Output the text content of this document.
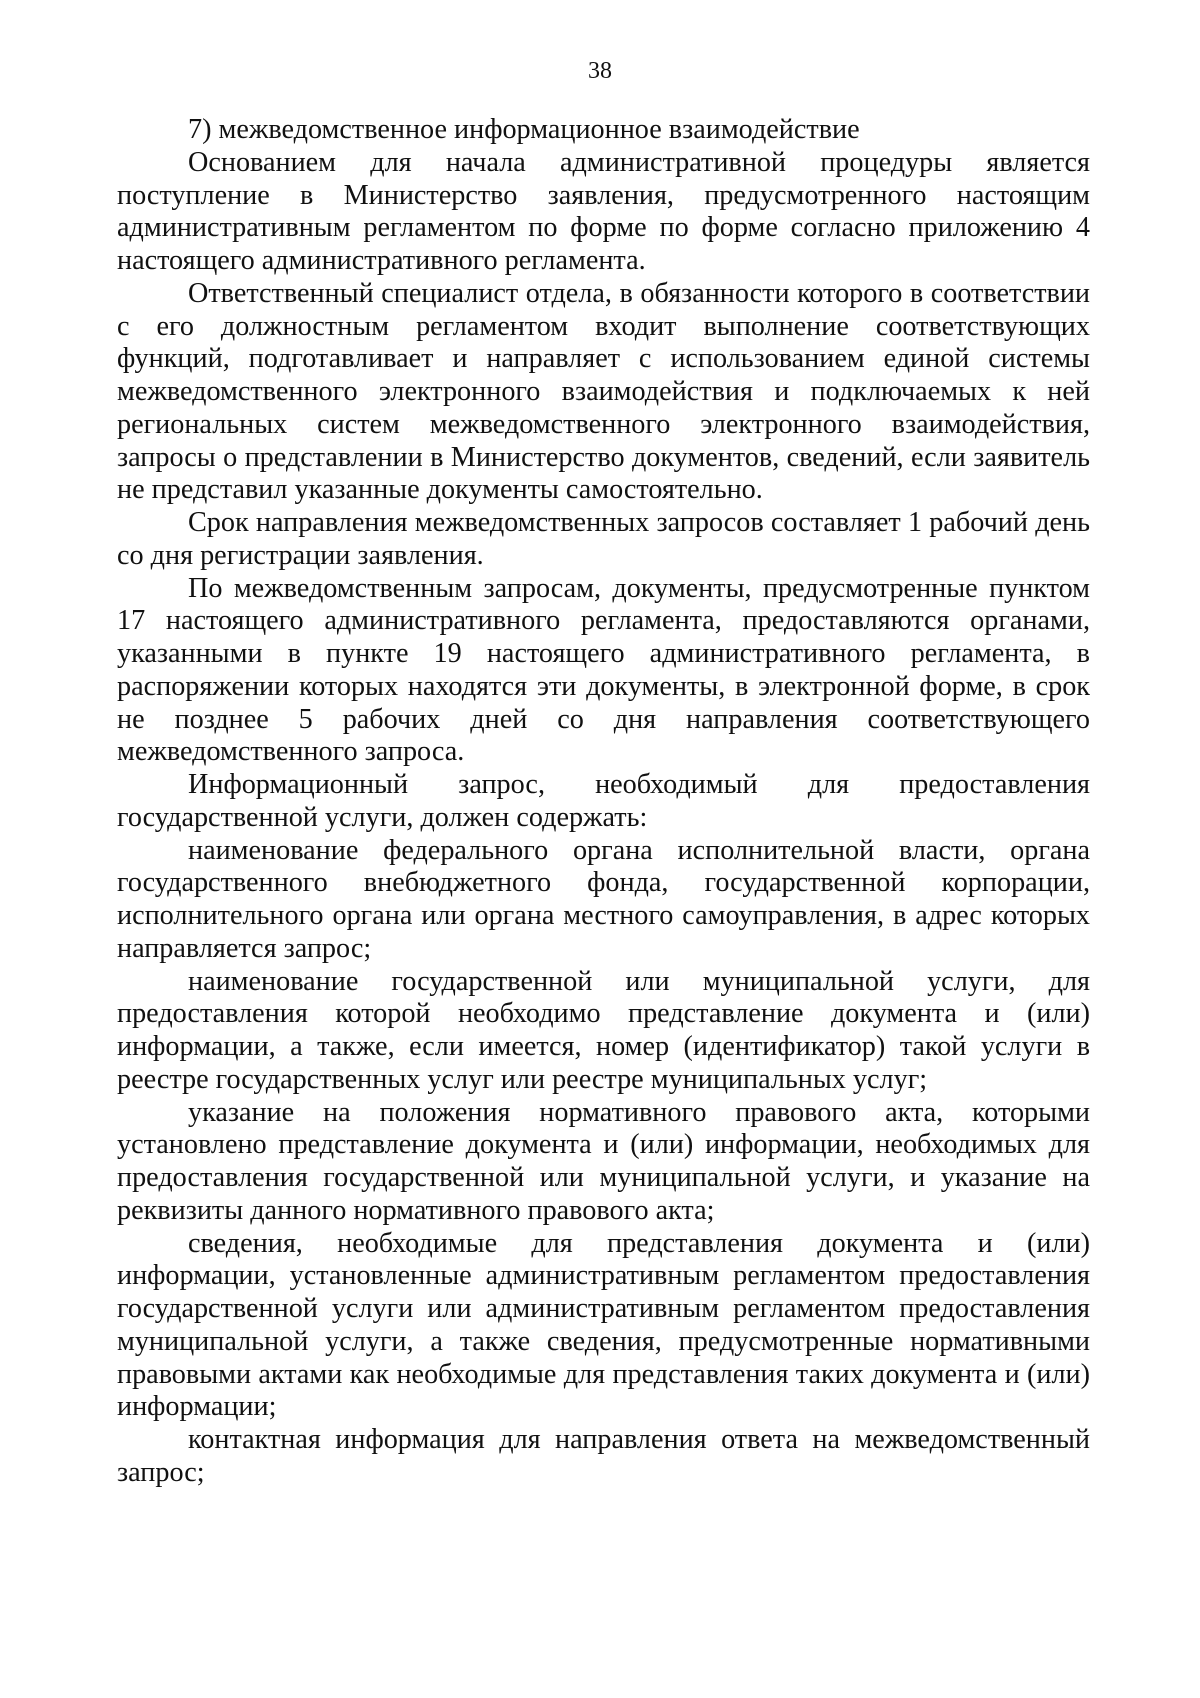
38

7) межведомственное информационное взаимодействие

Основанием для начала административной процедуры является поступление в Министерство заявления, предусмотренного настоящим административным регламентом по форме по форме согласно приложению 4 настоящего административного регламента.

Ответственный специалист отдела, в обязанности которого в соответствии с его должностным регламентом входит выполнение соответствующих функций, подготавливает и направляет с использованием единой системы межведомственного электронного взаимодействия и подключаемых к ней региональных систем межведомственного электронного взаимодействия, запросы о представлении в Министерство документов, сведений, если заявитель не представил указанные документы самостоятельно.

Срок направления межведомственных запросов составляет 1 рабочий день со дня регистрации заявления.

По межведомственным запросам, документы, предусмотренные пунктом 17 настоящего административного регламента, предоставляются органами, указанными в пункте 19 настоящего административного регламента, в распоряжении которых находятся эти документы, в электронной форме, в срок не позднее 5 рабочих дней со дня направления соответствующего межведомственного запроса.

Информационный запрос, необходимый для предоставления государственной услуги, должен содержать:

наименование федерального органа исполнительной власти, органа государственного внебюджетного фонда, государственной корпорации, исполнительного органа или органа местного самоуправления, в адрес которых направляется запрос;

наименование государственной или муниципальной услуги, для предоставления которой необходимо представление документа и (или) информации, а также, если имеется, номер (идентификатор) такой услуги в реестре государственных услуг или реестре муниципальных услуг;

указание на положения нормативного правового акта, которыми установлено представление документа и (или) информации, необходимых для предоставления государственной или муниципальной услуги, и указание на реквизиты данного нормативного правового акта;

сведения, необходимые для представления документа и (или) информации, установленные административным регламентом предоставления государственной услуги или административным регламентом предоставления муниципальной услуги, а также сведения, предусмотренные нормативными правовыми актами как необходимые для представления таких документа и (или) информации;

контактная информация для направления ответа на межведомственный запрос;
